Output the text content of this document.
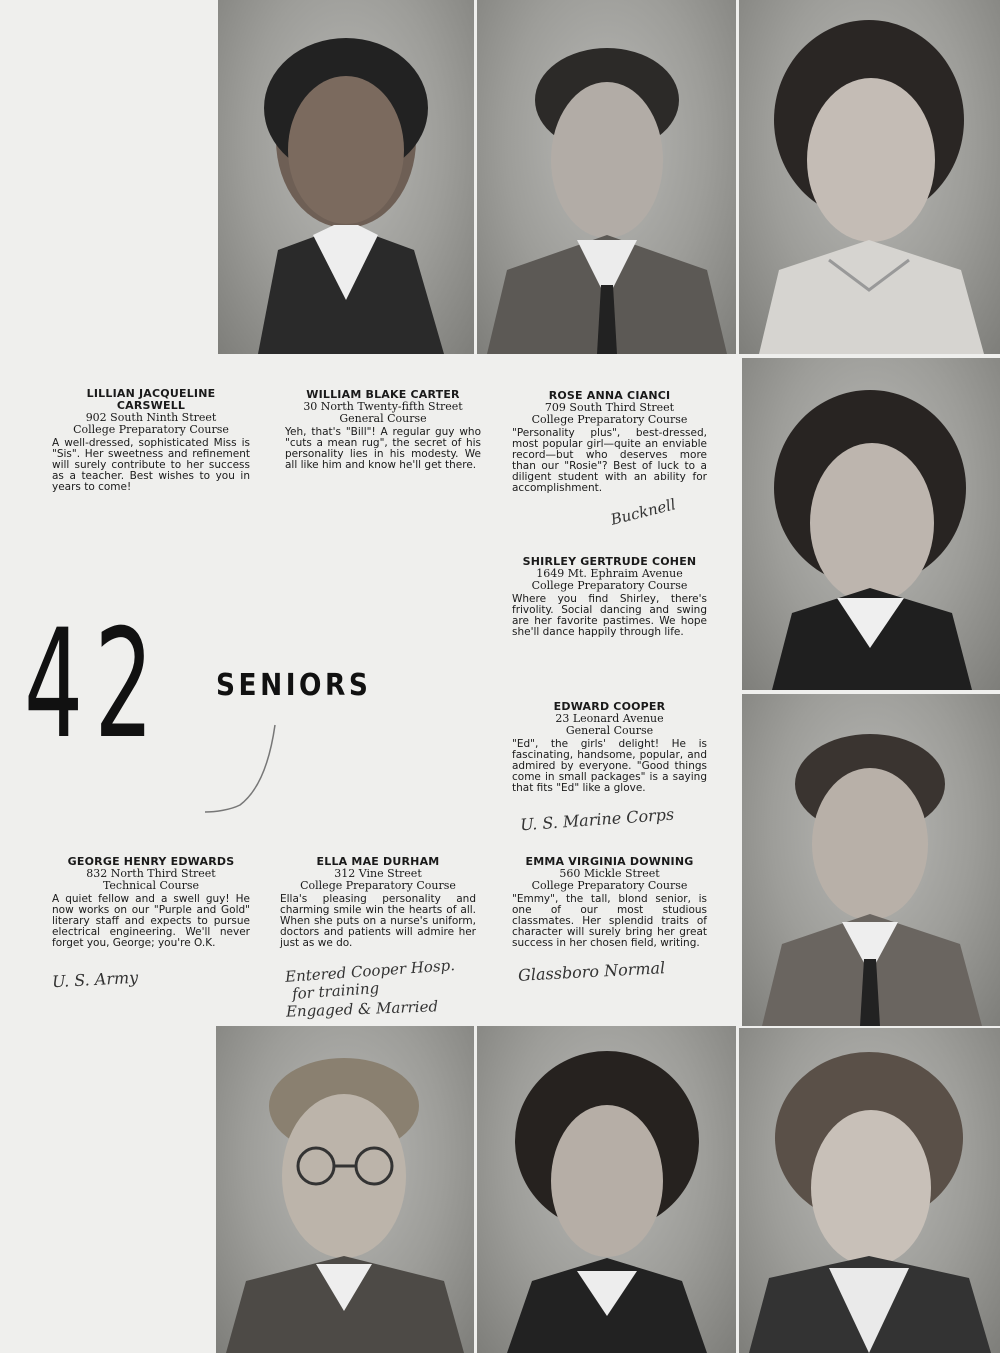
42 SENIORS
LILLIAN JACQUELINE
CARSWELL
902 South Ninth Street
College Preparatory Course
A well-dressed, sophisticated Miss is "Sis". Her sweetness and refinement will surely contribute to her success as a teacher. Best wishes to you in years to come!
WILLIAM BLAKE CARTER
30 North Twenty-fifth Street
General Course
Yeh, that's "Bill"! A regular guy who "cuts a mean rug", the secret of his personality lies in his modesty. We all like him and know he'll get there.
ROSE ANNA CIANCI
709 South Third Street
College Preparatory Course
"Personality plus", best-dressed, most popular girl—quite an enviable record—but who deserves more than our "Rosie"? Best of luck to a diligent student with an ability for accomplishment.
Bucknell
SHIRLEY GERTRUDE COHEN
1649 Mt. Ephraim Avenue
College Preparatory Course
Where you find Shirley, there's frivolity. Social dancing and swing are her favorite pastimes. We hope she'll dance happily through life.
EDWARD COOPER
23 Leonard Avenue
General Course
"Ed", the girls' delight! He is fascinating, handsome, popular, and admired by everyone. "Good things come in small packages" is a saying that fits "Ed" like a glove.
U. S. Marine Corps
GEORGE HENRY EDWARDS
832 North Third Street
Technical Course
A quiet fellow and a swell guy! He now works on our "Purple and Gold" literary staff and expects to pursue electrical engineering. We'll never forget you, George; you're O.K.
U. S. Army
ELLA MAE DURHAM
312 Vine Street
College Preparatory Course
Ella's pleasing personality and charming smile win the hearts of all. When she puts on a nurse's uniform, doctors and patients will admire her just as we do.
Entered Cooper Hosp.
for training
Engaged & Married
EMMA VIRGINIA DOWNING
560 Mickle Street
College Preparatory Course
"Emmy", the tall, blond senior, is one of our most studious classmates. Her splendid traits of character will surely bring her great success in her chosen field, writing.
Glassboro Normal
